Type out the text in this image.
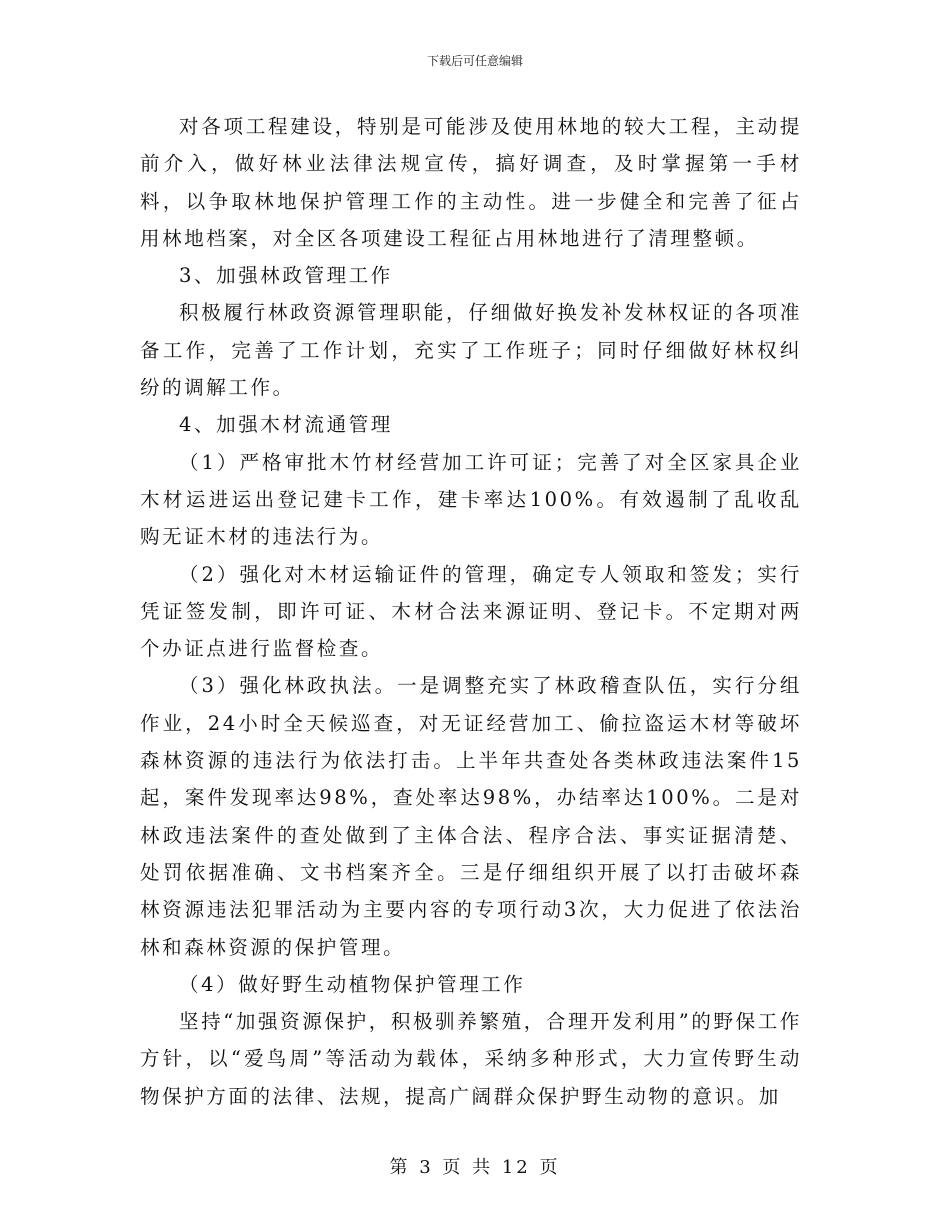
下载后可任意编辑

对各项工程建设，特别是可能涉及使用林地的较大工程，主动提前介入，做好林业法律法规宣传，搞好调查，及时掌握第一手材料，以争取林地保护管理工作的主动性。进一步健全和完善了征占用林地档案，对全区各项建设工程征占用林地进行了清理整顿。

3、加强林政管理工作

积极履行林政资源管理职能，仔细做好换发补发林权证的各项准备工作，完善了工作计划，充实了工作班子；同时仔细做好林权纠纷的调解工作。

4、加强木材流通管理

（1）严格审批木竹材经营加工许可证；完善了对全区家具企业木材运进运出登记建卡工作，建卡率达100%。有效遏制了乱收乱购无证木材的违法行为。

（2）强化对木材运输证件的管理，确定专人领取和签发；实行凭证签发制，即许可证、木材合法来源证明、登记卡。不定期对两个办证点进行监督检查。

（3）强化林政执法。一是调整充实了林政稽查队伍，实行分组作业，24小时全天候巡查，对无证经营加工、偷拉盗运木材等破坏森林资源的违法行为依法打击。上半年共查处各类林政违法案件15起，案件发现率达98%，查处率达98%，办结率达100%。二是对林政违法案件的查处做到了主体合法、程序合法、事实证据清楚、处罚依据准确、文书档案齐全。三是仔细组织开展了以打击破坏森林资源违法犯罪活动为主要内容的专项行动3次，大力促进了依法治林和森林资源的保护管理。

（4）做好野生动植物保护管理工作

坚持“加强资源保护，积极驯养繁殖，合理开发利用”的野保工作方针，以“爱鸟周”等活动为载体，采纳多种形式，大力宣传野生动物保护方面的法律、法规，提高广阔群众保护野生动物的意识。加

第 3 页 共 12 页
